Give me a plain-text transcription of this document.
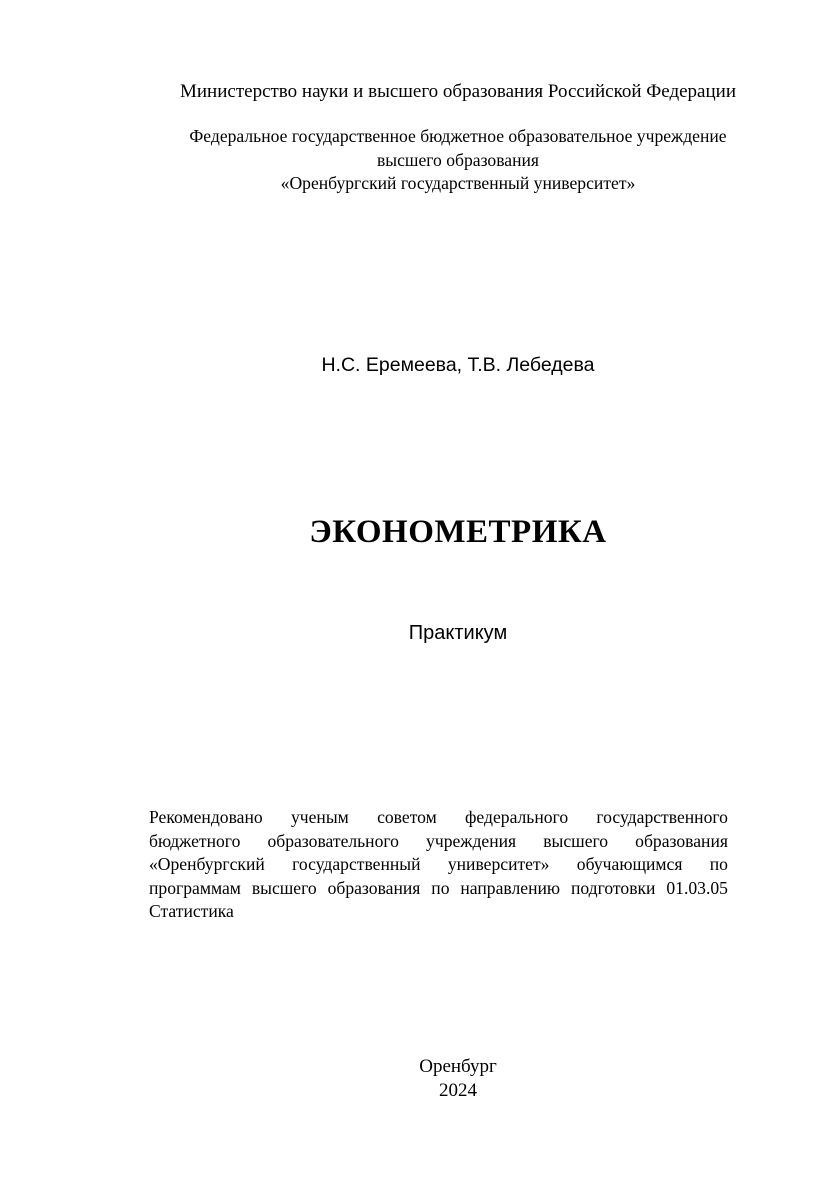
Министерство науки и высшего образования Российской Федерации
Федеральное государственное бюджетное образовательное учреждение
высшего образования
«Оренбургский государственный университет»
Н.С. Еремеева, Т.В. Лебедева
ЭКОНОМЕТРИКА
Практикум
Рекомендовано ученым советом федерального государственного
бюджетного образовательного учреждения высшего образования
«Оренбургский государственный университет» обучающимся по
программам высшего образования по направлению подготовки 01.03.05
Статистика
Оренбург
2024
